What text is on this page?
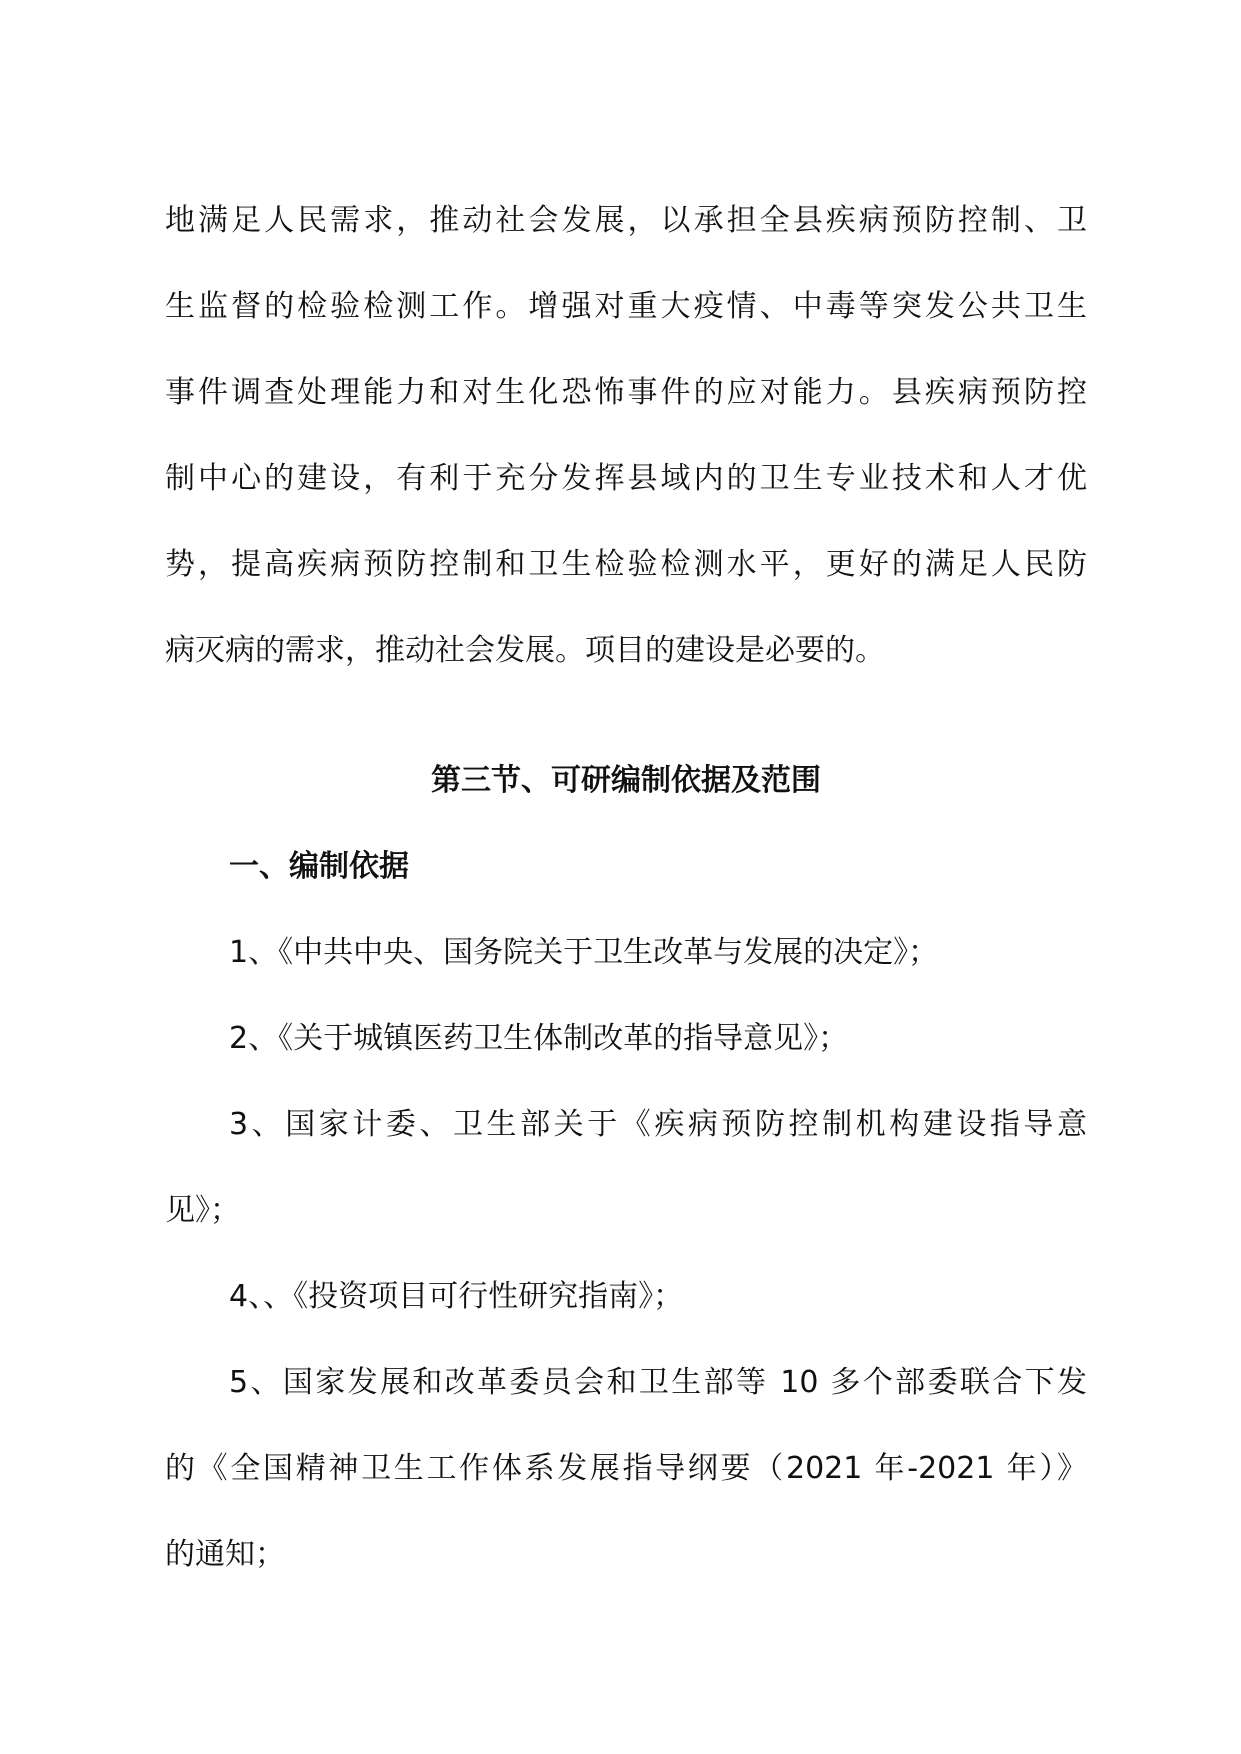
地满足人民需求，推动社会发展，以承担全县疾病预防控制、卫
生监督的检验检测工作。增强对重大疫情、中毒等突发公共卫生
事件调查处理能力和对生化恐怖事件的应对能力。县疾病预防控
制中心的建设，有利于充分发挥县域内的卫生专业技术和人才优
势，提高疾病预防控制和卫生检验检测水平，更好的满足人民防
病灭病的需求，推动社会发展。项目的建设是必要的。
第三节、可研编制依据及范围
一、编制依据
1、《中共中央、国务院关于卫生改革与发展的决定》；
2、《关于城镇医药卫生体制改革的指导意见》；
3、国家计委、卫生部关于《疾病预防控制机构建设指导意
见》；
4、、《投资项目可行性研究指南》；
5、国家发展和改革委员会和卫生部等 10 多个部委联合下发
的《全国精神卫生工作体系发展指导纲要（2021 年-2021 年）》
的通知；
